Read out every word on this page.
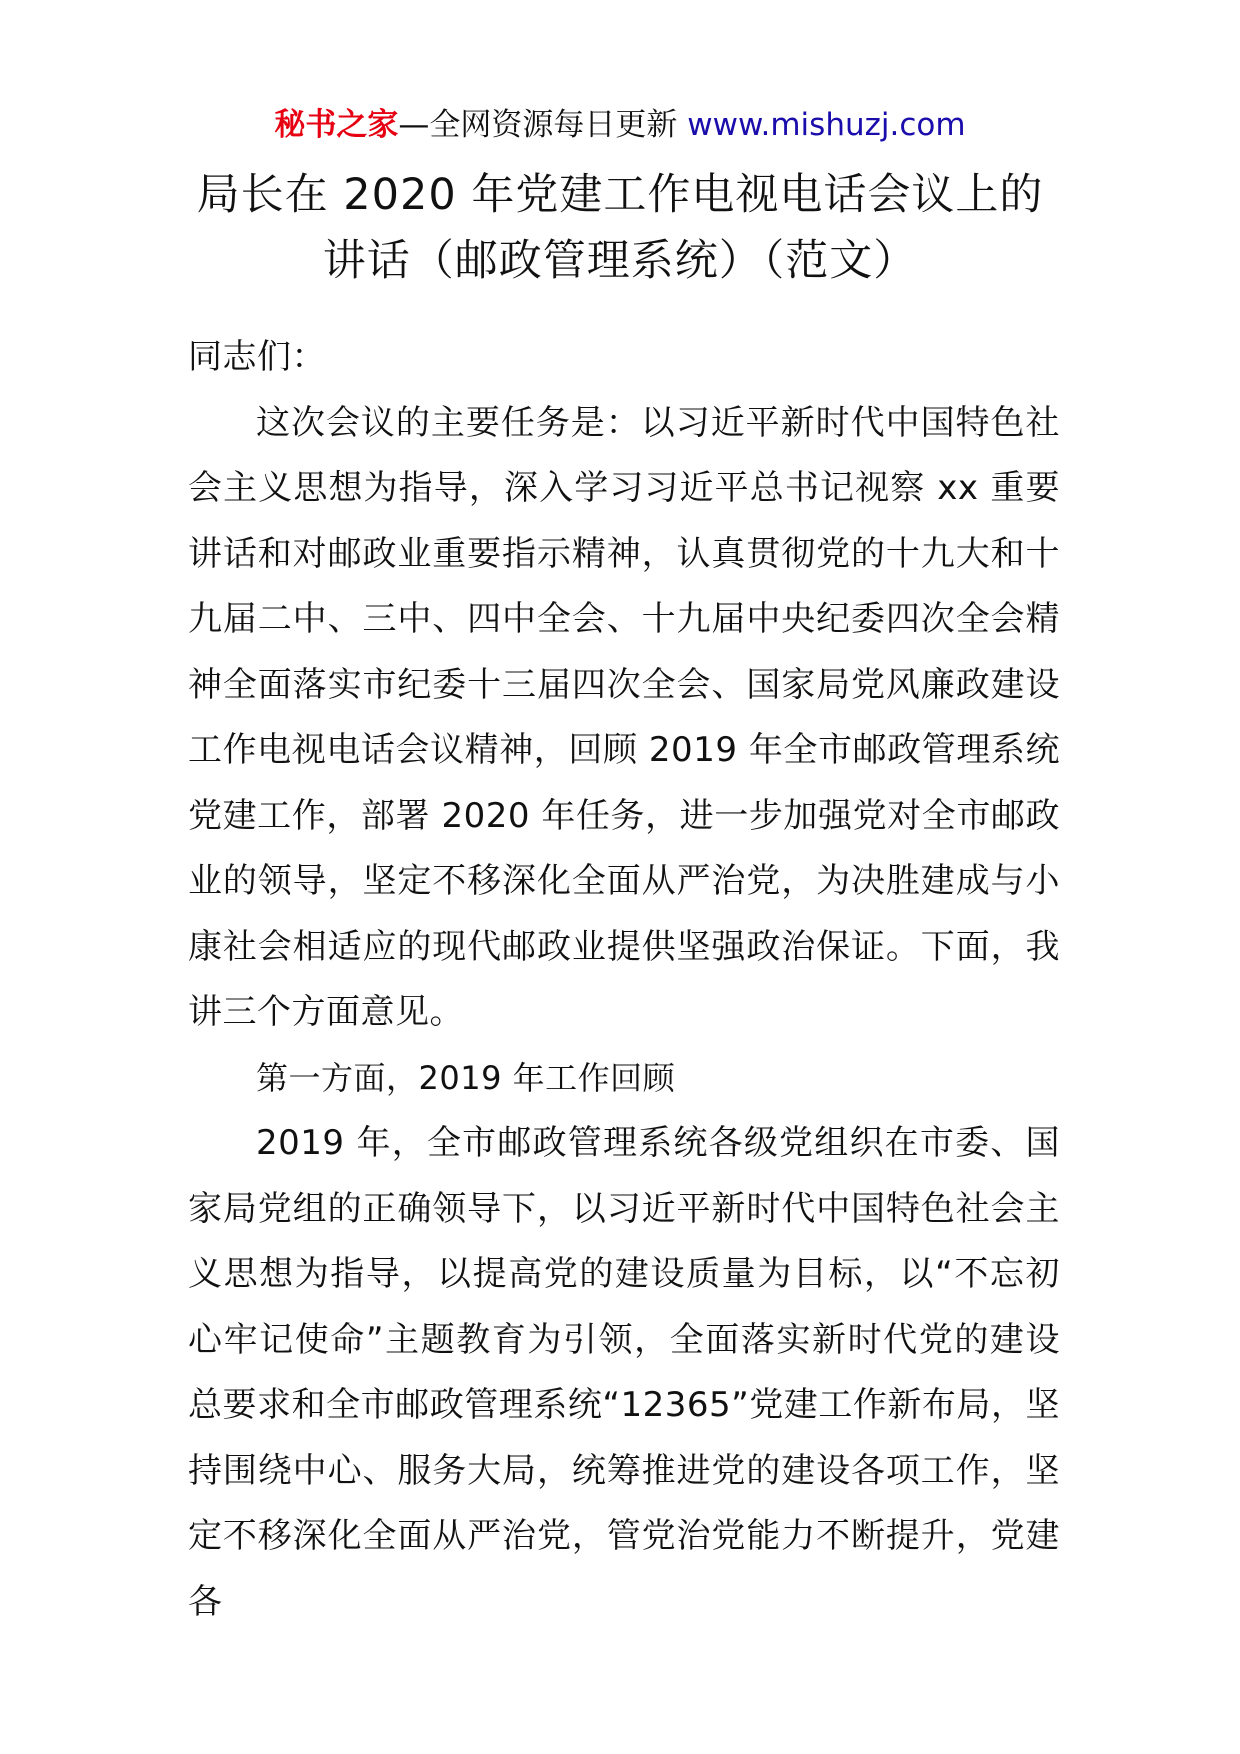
秘书之家—全网资源每日更新 www.mishuzj.com
局长在 2020 年党建工作电视电话会议上的
讲话（邮政管理系统）（范文）

同志们：

这次会议的主要任务是：以习近平新时代中国特色社会主义思想为指导，深入学习习近平总书记视察 xx 重要讲话和对邮政业重要指示精神，认真贯彻党的十九大和十九届二中、三中、四中全会、十九届中央纪委四次全会精神全面落实市纪委十三届四次全会、国家局党风廉政建设工作电视电话会议精神，回顾 2019 年全市邮政管理系统党建工作，部署 2020 年任务，进一步加强党对全市邮政业的领导，坚定不移深化全面从严治党，为决胜建成与小康社会相适应的现代邮政业提供坚强政治保证。下面，我讲三个方面意见。

第一方面，2019 年工作回顾

2019 年，全市邮政管理系统各级党组织在市委、国家局党组的正确领导下，以习近平新时代中国特色社会主义思想为指导，以提高党的建设质量为目标，以“不忘初心牢记使命”主题教育为引领，全面落实新时代党的建设总要求和全市邮政管理系统“12365”党建工作新布局，坚持围绕中心、服务大局，统筹推进党的建设各项工作，坚定不移深化全面从严治党，管党治党能力不断提升，党建各
